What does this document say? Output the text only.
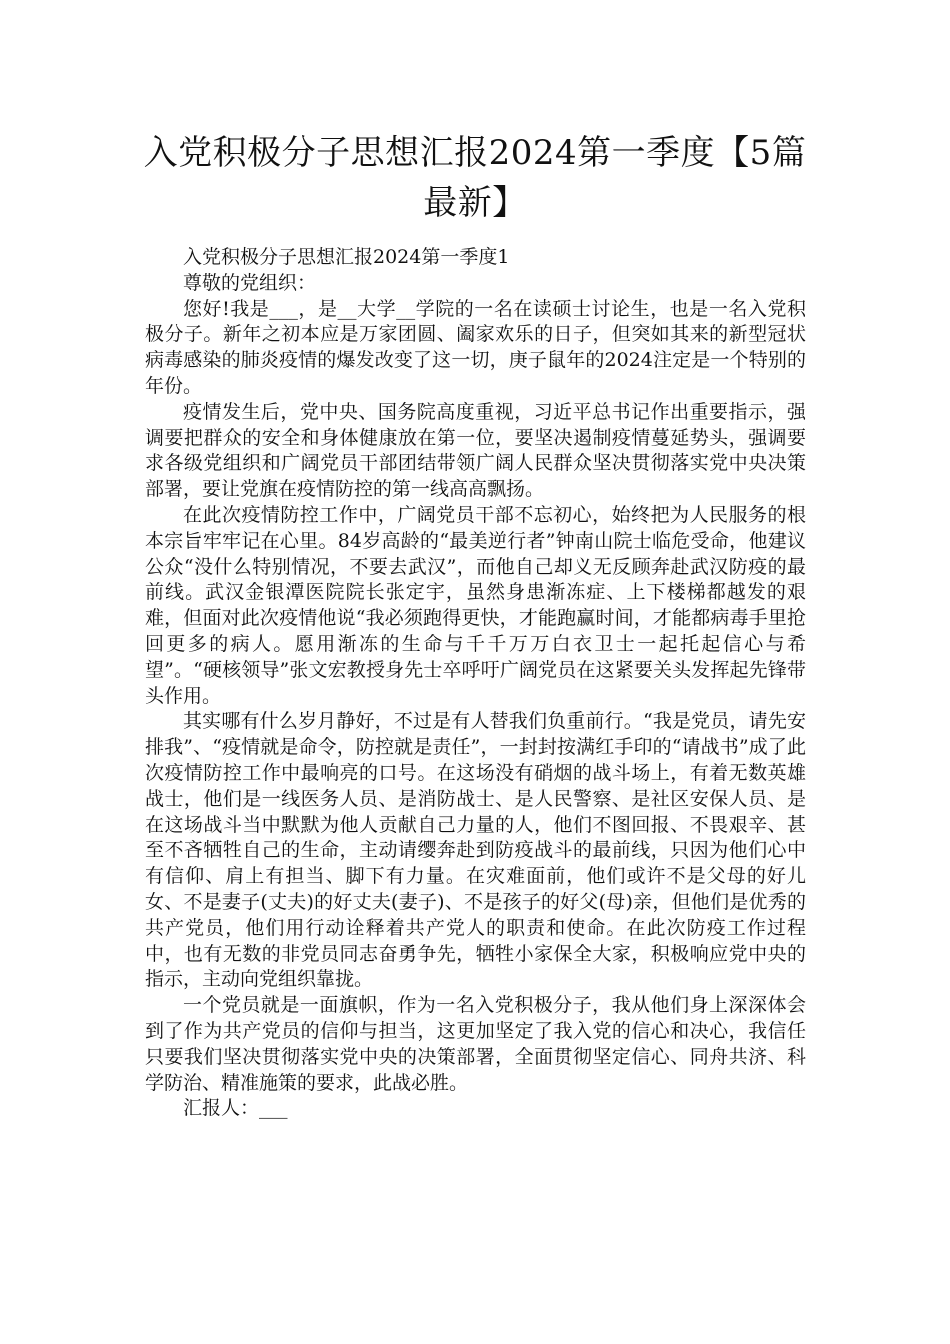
入党积极分子思想汇报2024第一季度【5篇最新】

入党积极分子思想汇报2024第一季度1

尊敬的党组织：

您好!我是___，是__大学__学院的一名在读硕士讨论生，也是一名入党积极分子。新年之初本应是万家团圆、阖家欢乐的日子，但突如其来的新型冠状病毒感染的肺炎疫情的爆发改变了这一切，庚子鼠年的2024注定是一个特别的年份。

疫情发生后，党中央、国务院高度重视，习近平总书记作出重要指示，强调要把群众的安全和身体健康放在第一位，要坚决遏制疫情蔓延势头，强调要求各级党组织和广阔党员干部团结带领广阔人民群众坚决贯彻落实党中央决策部署，要让党旗在疫情防控的第一线高高飘扬。

在此次疫情防控工作中，广阔党员干部不忘初心，始终把为人民服务的根本宗旨牢牢记在心里。84岁高龄的“最美逆行者”钟南山院士临危受命，他建议公众“没什么特别情况，不要去武汉”，而他自己却义无反顾奔赴武汉防疫的最前线。武汉金银潭医院院长张定宇，虽然身患渐冻症、上下楼梯都越发的艰难，但面对此次疫情他说“我必须跑得更快，才能跑赢时间，才能都病毒手里抢回更多的病人。愿用渐冻的生命与千千万万白衣卫士一起托起信心与希望”。“硬核领导”张文宏教授身先士卒呼吁广阔党员在这紧要关头发挥起先锋带头作用。

其实哪有什么岁月静好，不过是有人替我们负重前行。“我是党员，请先安排我”、“疫情就是命令，防控就是责任”，一封封按满红手印的“请战书”成了此次疫情防控工作中最响亮的口号。在这场没有硝烟的战斗场上，有着无数英雄战士，他们是一线医务人员、是消防战士、是人民警察、是社区安保人员、是在这场战斗当中默默为他人贡献自己力量的人，他们不图回报、不畏艰辛、甚至不吝牺牲自己的生命，主动请缨奔赴到防疫战斗的最前线，只因为他们心中有信仰、肩上有担当、脚下有力量。在灾难面前，他们或许不是父母的好儿女、不是妻子(丈夫)的好丈夫(妻子)、不是孩子的好父(母)亲，但他们是优秀的共产党员，他们用行动诠释着共产党人的职责和使命。在此次防疫工作过程中，也有无数的非党员同志奋勇争先，牺牲小家保全大家，积极响应党中央的指示，主动向党组织靠拢。

一个党员就是一面旗帜，作为一名入党积极分子，我从他们身上深深体会到了作为共产党员的信仰与担当，这更加坚定了我入党的信心和决心，我信任只要我们坚决贯彻落实党中央的决策部署，全面贯彻坚定信心、同舟共济、科学防治、精准施策的要求，此战必胜。

汇报人：___
